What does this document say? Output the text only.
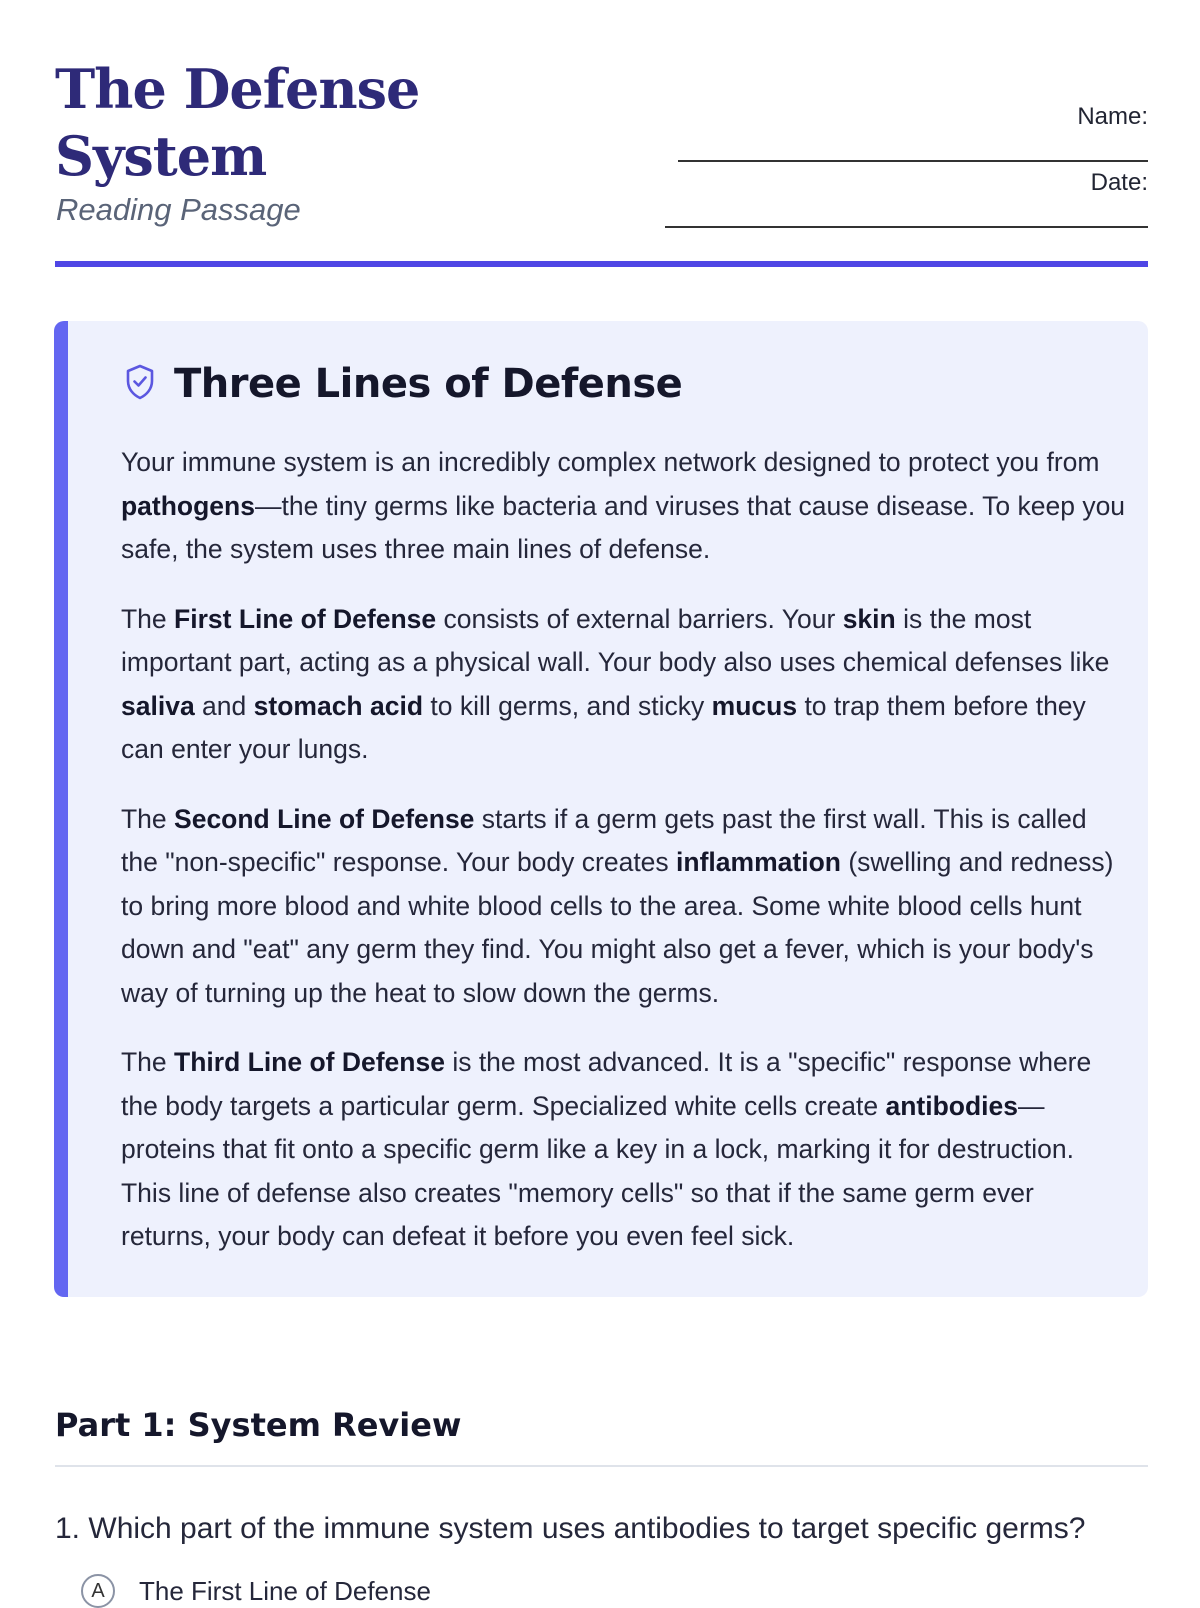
The Defense System

Reading Passage

Name:
Date:
Three Lines of Defense

Your immune system is an incredibly complex network designed to protect you from pathogens—the tiny germs like bacteria and viruses that cause disease. To keep you safe, the system uses three main lines of defense.

The First Line of Defense consists of external barriers. Your skin is the most important part, acting as a physical wall. Your body also uses chemical defenses like saliva and stomach acid to kill germs, and sticky mucus to trap them before they can enter your lungs.

The Second Line of Defense starts if a germ gets past the first wall. This is called the "non-specific" response. Your body creates inflammation (swelling and redness) to bring more blood and white blood cells to the area. Some white blood cells hunt down and "eat" any germ they find. You might also get a fever, which is your body's way of turning up the heat to slow down the germs.

The Third Line of Defense is the most advanced. It is a "specific" response where the body targets a particular germ. Specialized white cells create antibodies—proteins that fit onto a specific germ like a key in a lock, marking it for destruction. This line of defense also creates "memory cells" so that if the same germ ever returns, your body can defeat it before you even feel sick.

Part 1: System Review

1. Which part of the immune system uses antibodies to target specific germs?

A	The First Line of Defense
